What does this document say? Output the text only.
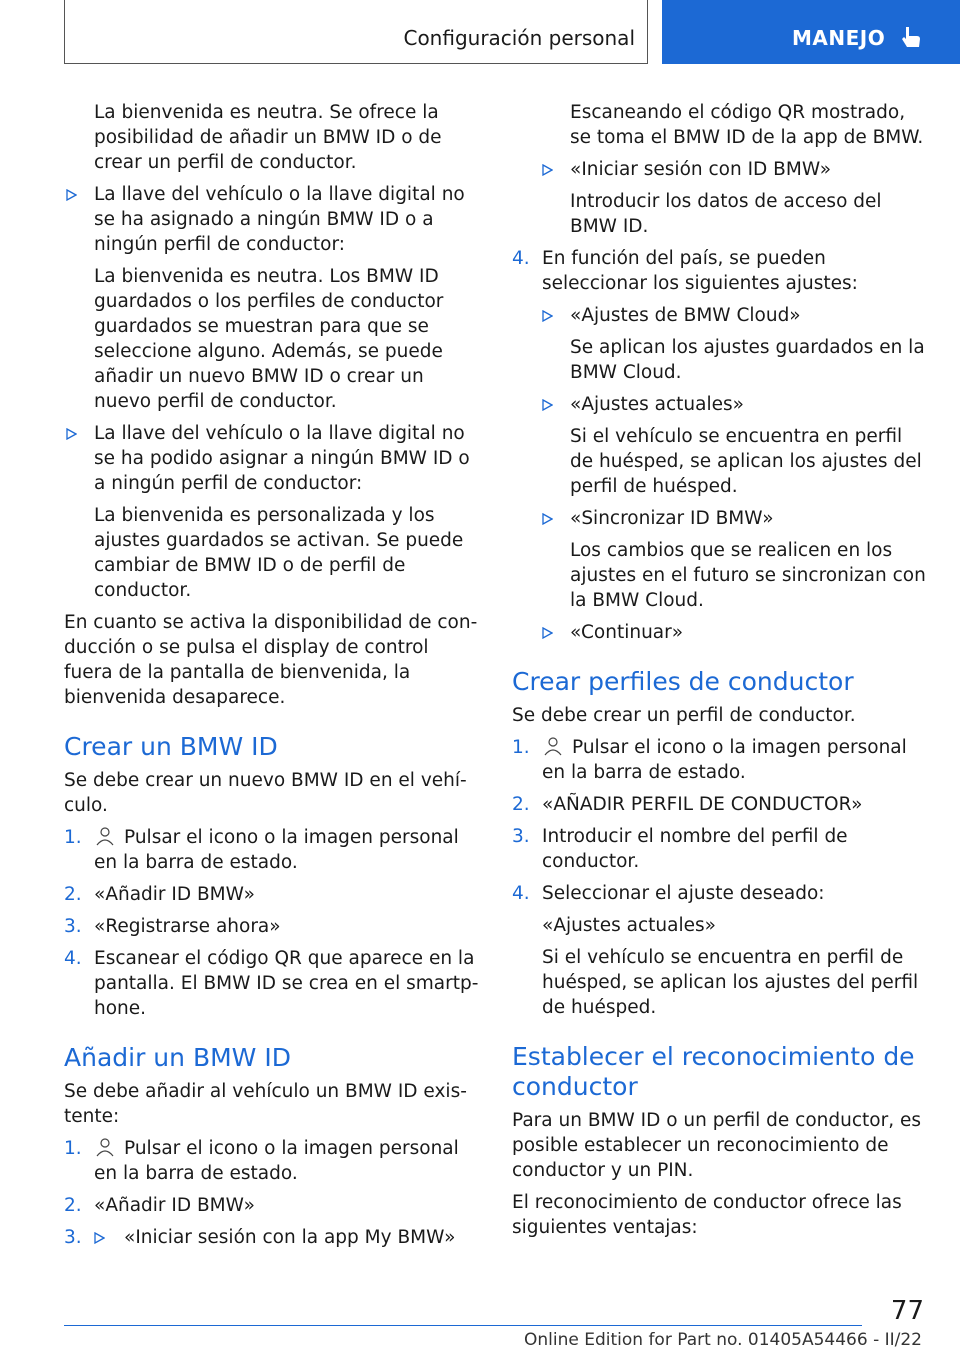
Configuración personal	MANEJO
La bienvenida es neutra. Se ofrece la posibilidad de añadir un BMW ID o de crear un perfil de conductor.
La llave del vehículo o la llave digital no se ha asignado a ningún BMW ID o a ningún perfil de conductor:
La bienvenida es neutra. Los BMW ID guardados o los perfiles de conductor guardados se muestran para que se seleccione alguno. Además, se puede añadir un nuevo BMW ID o crear un nuevo perfil de conductor.
La llave del vehículo o la llave digital no se ha podido asignar a ningún BMW ID o a ningún perfil de conductor:
La bienvenida es personalizada y los ajustes guardados se activan. Se puede cambiar de BMW ID o de perfil de conductor.
En cuanto se activa la disponibilidad de conducción o se pulsa el display de control fuera de la pantalla de bienvenida, la bienvenida desaparece.
Crear un BMW ID
Se debe crear un nuevo BMW ID en el vehículo.
1. Pulsar el icono o la imagen personal en la barra de estado.
2. «Añadir ID BMW»
3. «Registrarse ahora»
4. Escanear el código QR que aparece en la pantalla. El BMW ID se crea en el smartphone.
Añadir un BMW ID
Se debe añadir al vehículo un BMW ID existente:
1. Pulsar el icono o la imagen personal en la barra de estado.
2. «Añadir ID BMW»
3. «Iniciar sesión con la app My BMW»
Escaneando el código QR mostrado, se toma el BMW ID de la app de BMW.
«Iniciar sesión con ID BMW»
Introducir los datos de acceso del BMW ID.
4. En función del país, se pueden seleccionar los siguientes ajustes:
«Ajustes de BMW Cloud»
Se aplican los ajustes guardados en la BMW Cloud.
«Ajustes actuales»
Si el vehículo se encuentra en perfil de huésped, se aplican los ajustes del perfil de huésped.
«Sincronizar ID BMW»
Los cambios que se realicen en los ajustes en el futuro se sincronizan con la BMW Cloud.
«Continuar»
Crear perfiles de conductor
Se debe crear un perfil de conductor.
1. Pulsar el icono o la imagen personal en la barra de estado.
2. «AÑADIR PERFIL DE CONDUCTOR»
3. Introducir el nombre del perfil de conductor.
4. Seleccionar el ajuste deseado:
«Ajustes actuales»
Si el vehículo se encuentra en perfil de huésped, se aplican los ajustes del perfil de huésped.
Establecer el reconocimiento de conductor
Para un BMW ID o un perfil de conductor, es posible establecer un reconocimiento de conductor y un PIN.
El reconocimiento de conductor ofrece las siguientes ventajas:
77
Online Edition for Part no. 01405A54466 - II/22
